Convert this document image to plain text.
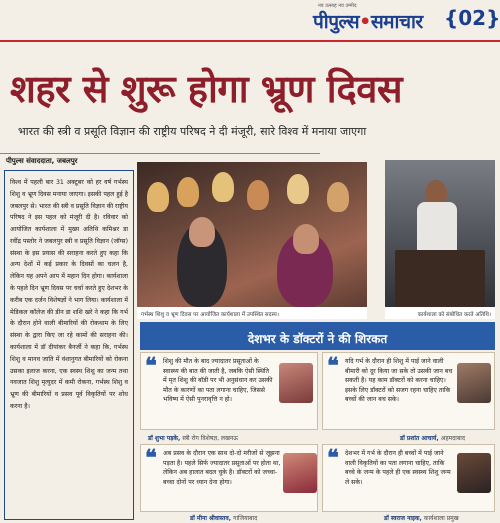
नव उत्साह नव उम्मीद
पीपुल्स•समाचार {02}
शहर से शुरू होगा भ्रूण दिवस
भारत की स्त्री व प्रसूति विज्ञान की राष्ट्रीय परिषद ने दी मंजूरी, सारे विश्व में मनाया जाएगा
पीपुल्स संवाददाता, जबलपुर

विश्व में पहली बार 31 अक्टूबर को हर वर्ष गर्भस्थ शिशु व भ्रूण दिवस मनाया जाएगा। इसकी पहल हुई है जबलपुर से। भारत की स्त्री व प्रसूति विज्ञान की राष्ट्रीय परिषद ने इस पहल को मंजूरी दी है। रविवार को आयोजित कार्यशाला में मुख्य अतिथि कमिश्नर डा रवींद्र पस्तोर ने जबलपुर स्त्री व प्रसूति विज्ञान (जॉग्स) संस्था के इस प्रयास की सराहना करते हुए कहा कि अन्य देशों में कई प्रकार के दिवसों का चलन है, लेकिन यह अपने आप में महान दिन होगा। कार्यशाला के पहले दिन भ्रूण दिवस पर चर्चा करते हुए देशभर के करीब एक दर्जन विशेषज्ञों ने भाग लिया। कार्यशाला में मेडिकल कॉलेज की डीन डा शशि खरे ने कहा कि गर्भ के दौरान होने वाली बीमारियों की रोकथाम के लिए संस्था के द्वारा किए जा रहे कामों की सराहना की। कार्यशाला में डॉ दीपांकर बैनर्जी ने कहा कि, गर्भस्थ शिशु व मानव जाति में वंशानुगत बीमारियों को रोकना उसका इलाज करना, एक स्वस्थ शिशु का जन्म तथा नवजात शिशु मृत्युदर में कमी रोकना, गर्भस्थ शिशु व भ्रूण की बीमारियों व प्रसव पूर्व विकृतियों पर शोध करना है।

गर्भस्थ शिशु व भ्रूण दिवस पर आयोजित कार्यशाला में उपस्थित सदस्य।	कार्यशाला को संबोधित करते अतिथि।
देशभर के डॉक्टरों ने की शिरकत
❝ शिशु की मौत के बाद ज्यादातर प्रसूताओं के स्वास्थ्य की बात की जाती है, जबकि ऐसी स्थिति में मृत शिशु की बॉडी पर भी अनुसंधान कर उसकी मौत के कारणों का पता लगाना चाहिए, जिससे भविष्य में ऐसी पुनरावृत्ति न हो।
डॉ शुभा पड़के, स्त्री रोग विशेषज्ञ, लखनऊ
❝ यदि गर्भ के दौरान ही शिशु में पाई जाने वाली बीमारी को दूर किया जा सके तो उसकी जान बच सकती है। यह काम डॉक्टरों को करना चाहिए। इसके लिए डॉक्टरों को सजग रहना चाहिए ताकि बच्चों की जान बच सके।
डॉ प्रशांत आचार्य, अहमदाबाद
❝ अब प्रसव के दौरान एक साथ दो-दो मरीजों से जूझना पड़ता है। पहले सिर्फ ज्यादातर प्रसूताओं पर होता था, लेकिन अब हालात बदल चुके है। डॉक्टरों को जच्चा-बच्चा दोनों पर ध्यान देना होगा।
डॉ मीना श्रीवास्तव, गाजियाबाद
❝ देशभर में गर्भ के दौरान ही बच्चों में पाई जाने वाली विकृतियों का पता लगाना चाहिए, ताकि बच्चे के जन्म के पहले ही एक स्वस्थ्य शिशु जन्म ले सके।
डॉ स्वराज नाइक, कार्यशाला प्रमुख
